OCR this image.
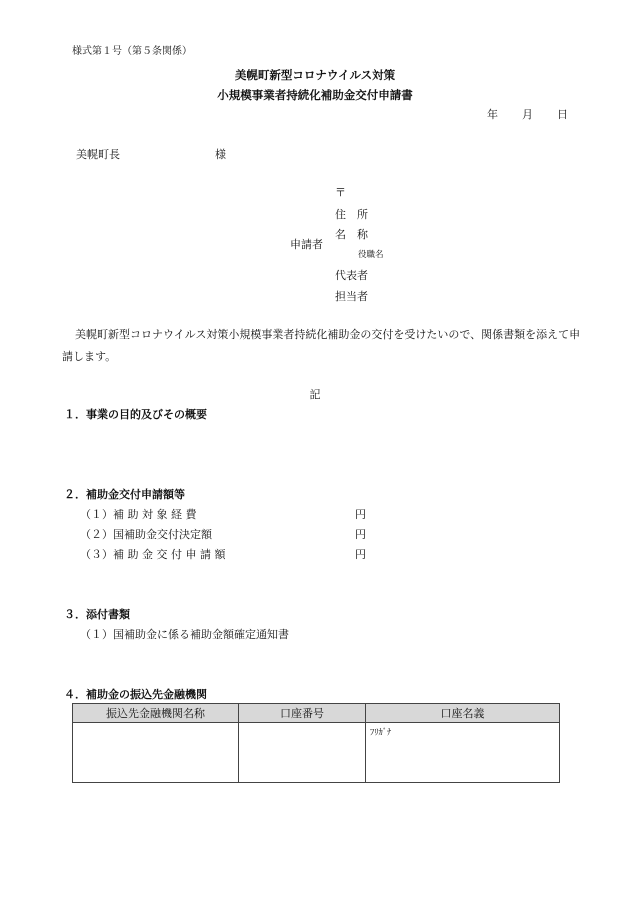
様式第１号（第５条関係）
美幌町新型コロナウイルス対策
小規模事業者持続化補助金交付申請書
年 月 日
美幌町長	様
〒
住　所
名　称
申請者
役職名
代表者
担当者
美幌町新型コロナウイルス対策小規模事業者持続化補助金の交付を受けたいので、関係書類を添えて申請します。
記
１．事業の目的及びその概要
２．補助金交付申請額等
（１）補 助 対 象 経 費	円
（２）国補助金交付決定額	円
（３）補 助 金 交 付 申 請 額	円
３．添付書類
（１）国補助金に係る補助金額確定通知書
４．補助金の振込先金融機関
振込先金融機関名称	口座番号	口座名義
		ﾌﾘｶﾞﾅ
